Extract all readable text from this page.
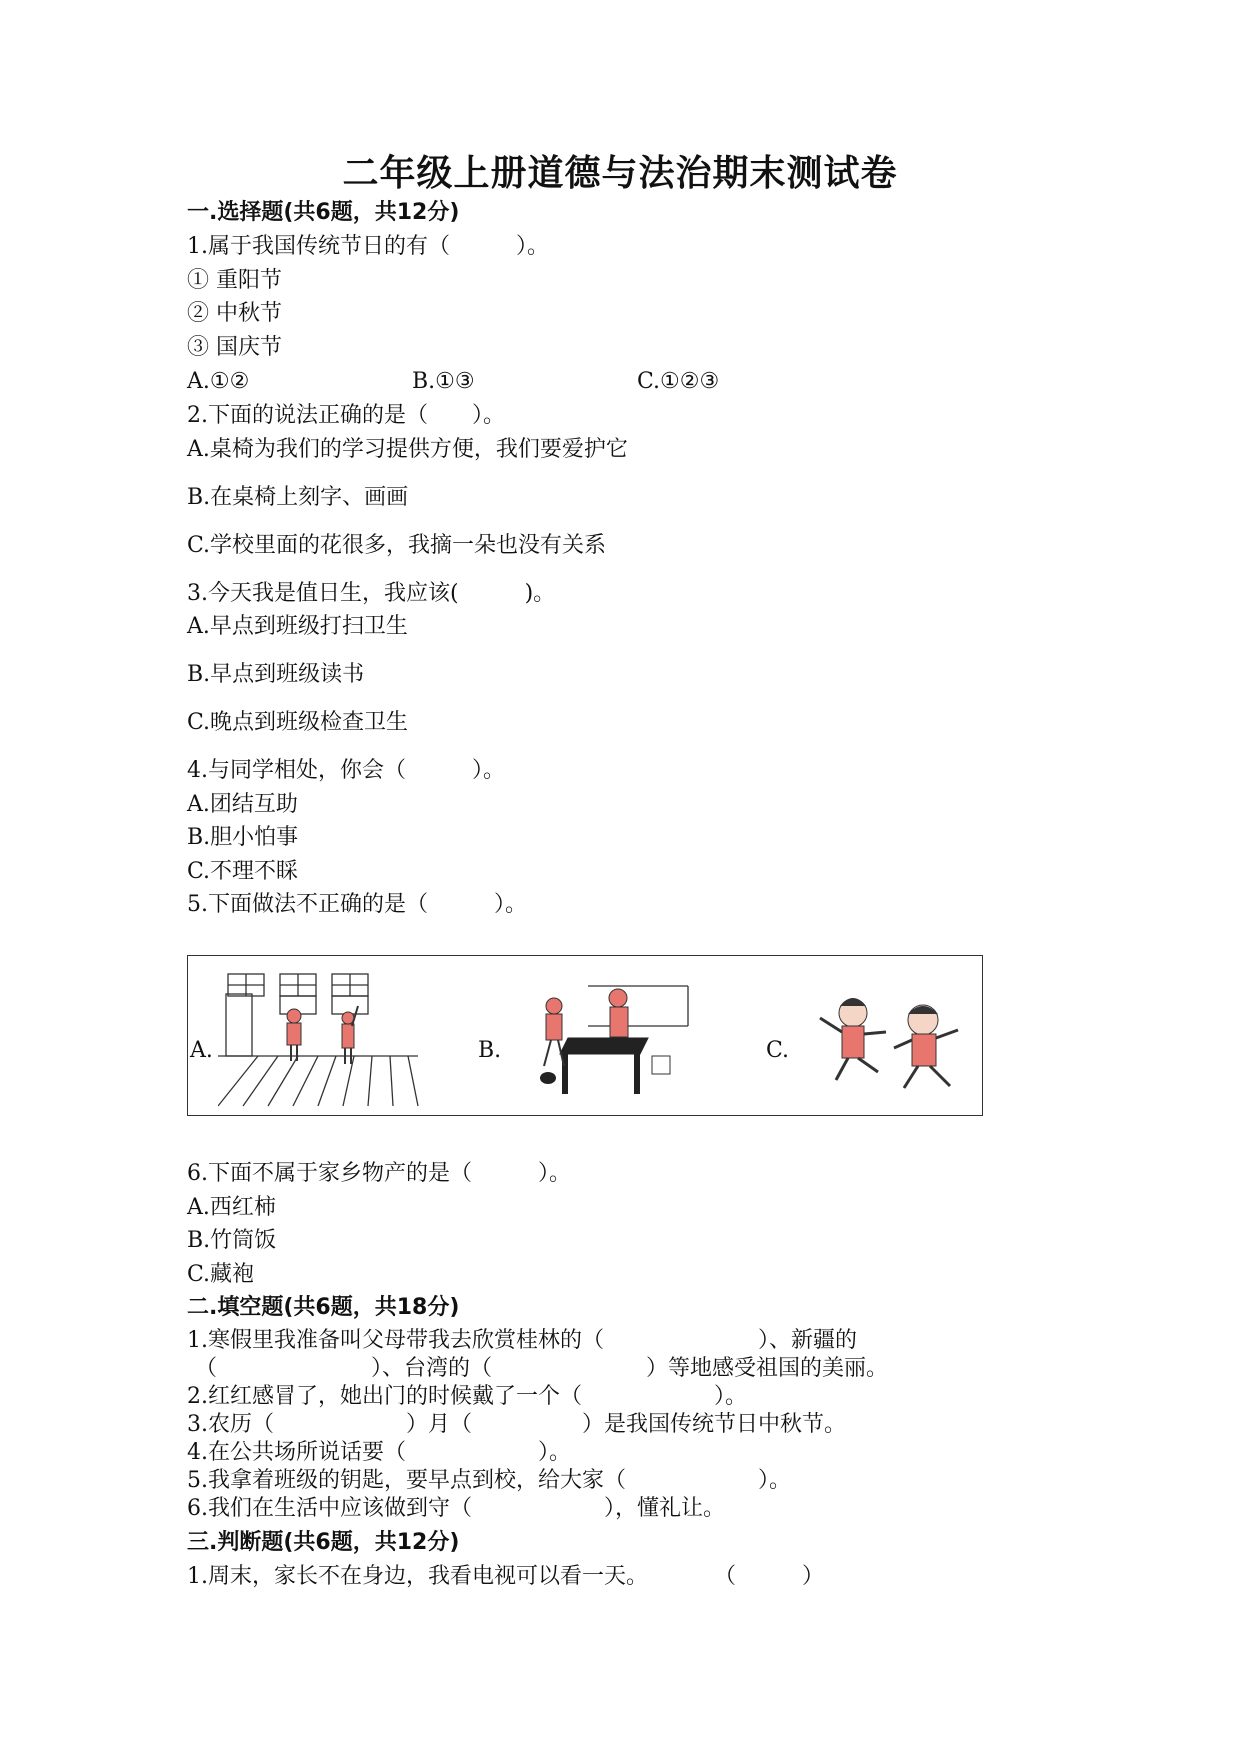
二年级上册道德与法治期末测试卷
一.选择题(共6题，共12分)
1.属于我国传统节日的有（　　　）。
① 重阳节
② 中秋节
③ 国庆节
A.①②	B.①③	C.①②③
2.下面的说法正确的是（　　）。
A.桌椅为我们的学习提供方便，我们要爱护它
B.在桌椅上刻字、画画
C.学校里面的花很多，我摘一朵也没有关系
3.今天我是值日生，我应该(　　　)。
A.早点到班级打扫卫生
B.早点到班级读书
C.晚点到班级检查卫生
4.与同学相处，你会（　　　）。
A.团结互助
B.胆小怕事
C.不理不睬
5.下面做法不正确的是（　　　）。
A.	B.	C.
6.下面不属于家乡物产的是（　　　）。
A.西红柿
B.竹筒饭
C.藏袍
二.填空题(共6题，共18分)
1.寒假里我准备叫父母带我去欣赏桂林的（　　　　　　　）、新疆的
（　　　　　　　）、台湾的（　　　　　　　）等地感受祖国的美丽。
2.红红感冒了，她出门的时候戴了一个（　　　　　　）。
3.农历（　　　　　　）月（　　　　　）是我国传统节日中秋节。
4.在公共场所说话要（　　　　　　）。
5.我拿着班级的钥匙，要早点到校，给大家（　　　　　　）。
6.我们在生活中应该做到守（　　　　　　），懂礼让。
三.判断题(共6题，共12分)
1.周末，家长不在身边，我看电视可以看一天。　　　　（　　　）
